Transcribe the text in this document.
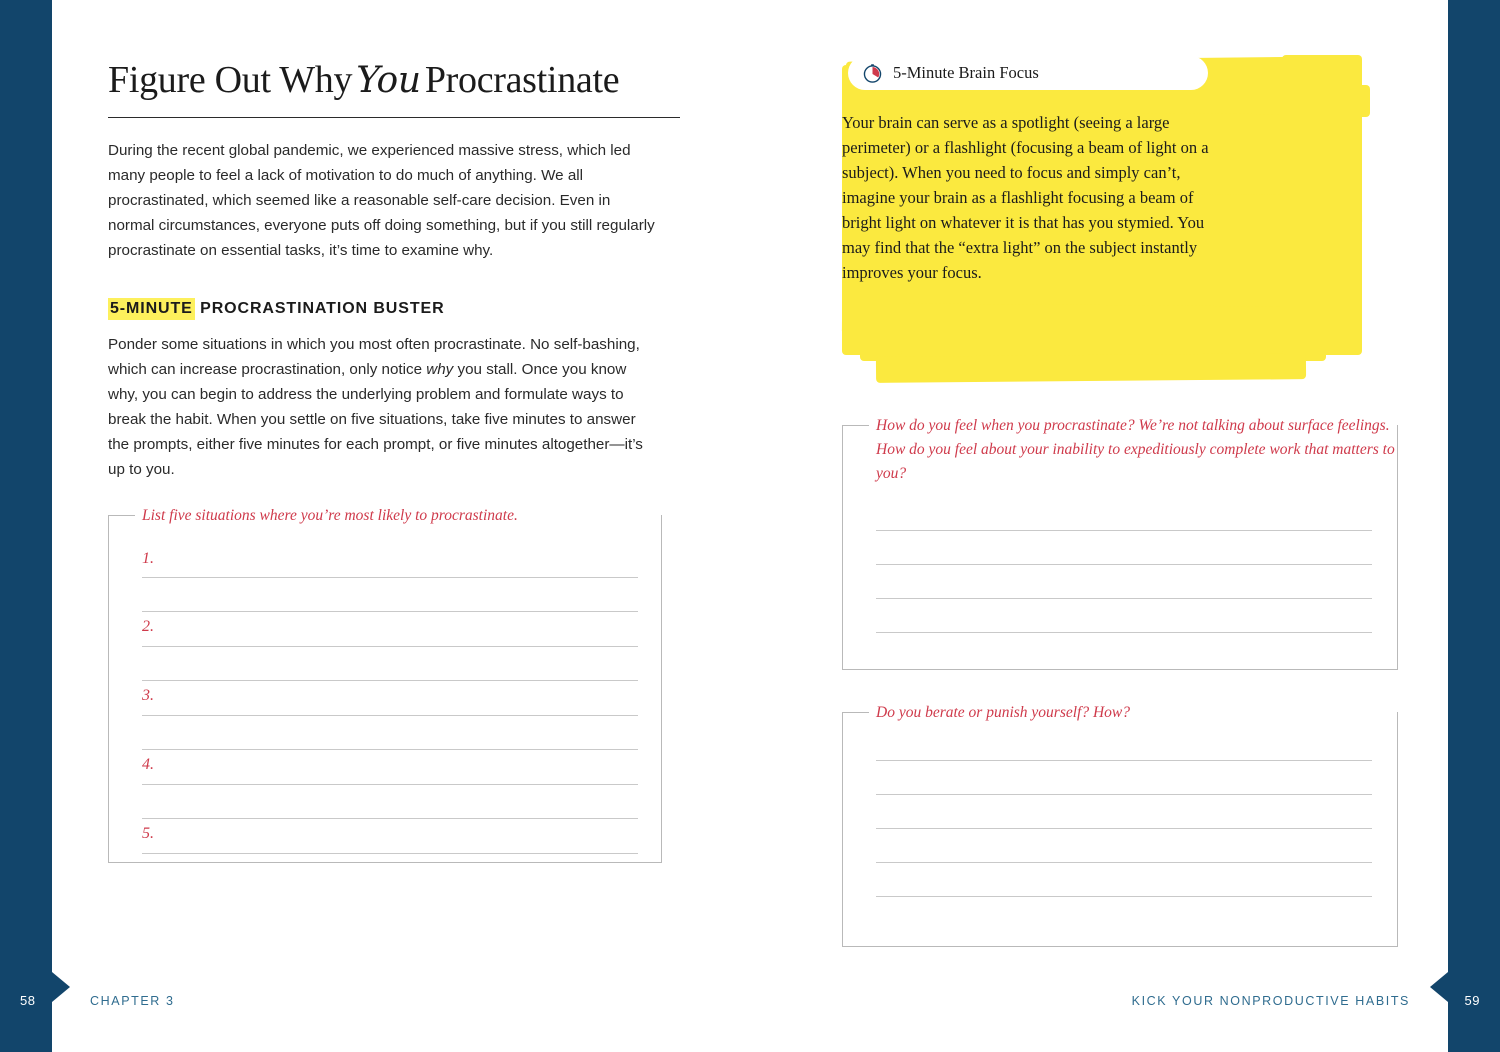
Figure Out Why You Procrastinate
During the recent global pandemic, we experienced massive stress, which led many people to feel a lack of motivation to do much of anything. We all procrastinated, which seemed like a reasonable self-care decision. Even in normal circumstances, everyone puts off doing something, but if you still regularly procrastinate on essential tasks, it’s time to examine why.
5-MINUTE PROCRASTINATION BUSTER
Ponder some situations in which you most often procrastinate. No self-bashing, which can increase procrastination, only notice why you stall. Once you know why, you can begin to address the underlying problem and formulate ways to break the habit. When you settle on five situations, take five minutes to answer the prompts, either five minutes for each prompt, or five minutes altogether—it’s up to you.
List five situations where you’re most likely to procrastinate.
1.
2.
3.
4.
5.
CHAPTER 3
5-Minute Brain Focus
Your brain can serve as a spotlight (seeing a large perimeter) or a flashlight (focusing a beam of light on a subject). When you need to focus and simply can’t, imagine your brain as a flashlight focusing a beam of bright light on whatever it is that has you stymied. You may find that the “extra light” on the subject instantly improves your focus.
How do you feel when you procrastinate? We’re not talking about surface feelings. How do you feel about your inability to expeditiously complete work that matters to you?
Do you berate or punish yourself? How?
KICK YOUR NONPRODUCTIVE HABITS
58	59
